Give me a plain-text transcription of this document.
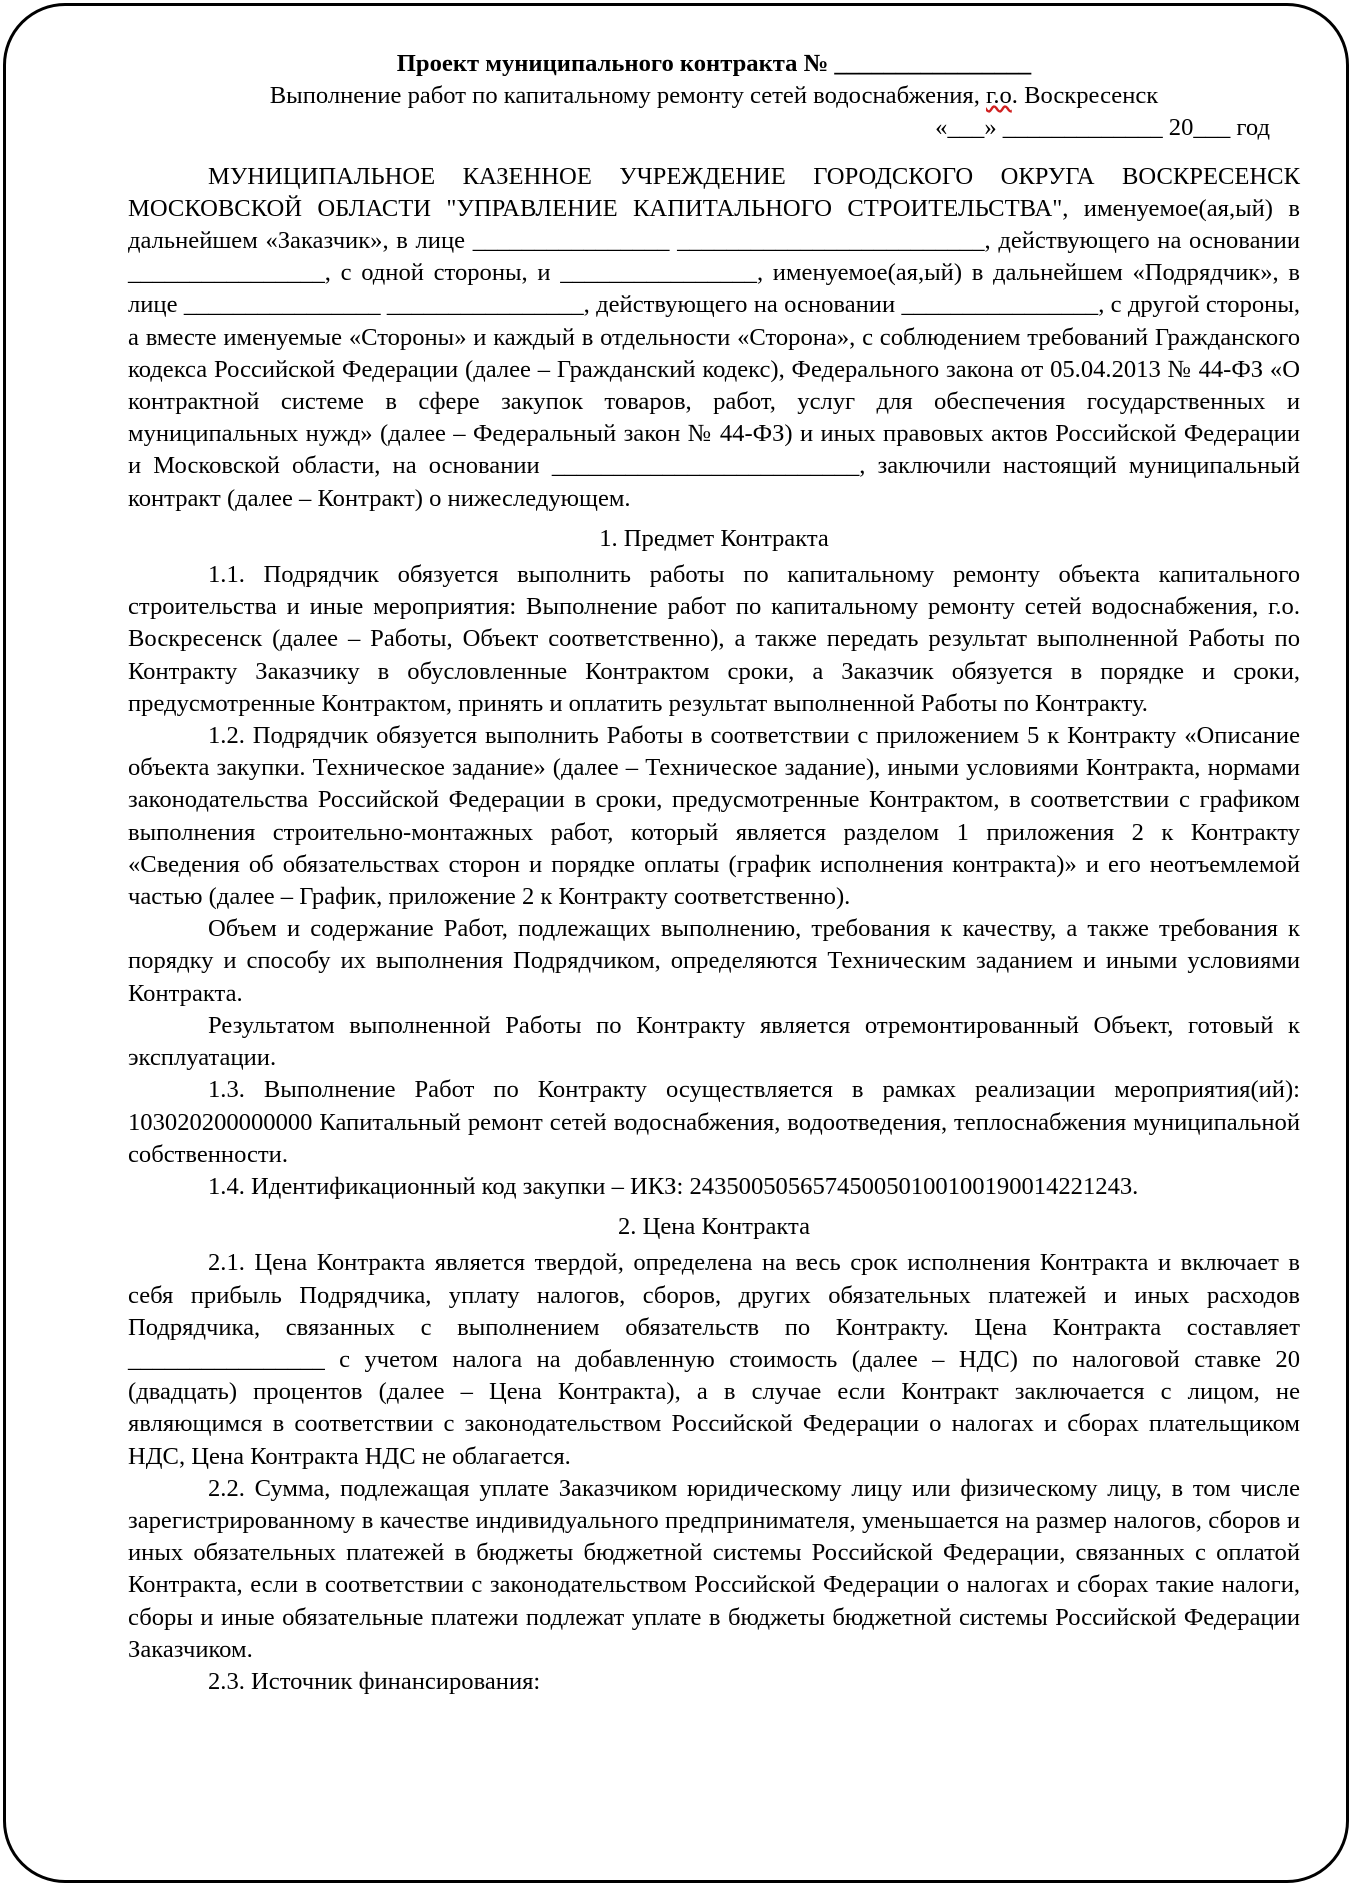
Проект муниципального контракта № ________________
Выполнение работ по капитальному ремонту сетей водоснабжения, г.о. Воскресенск
«___» _____________ 20___ год

МУНИЦИПАЛЬНОЕ КАЗЕННОЕ УЧРЕЖДЕНИЕ ГОРОДСКОГО ОКРУГА ВОСКРЕСЕНСК МОСКОВСКОЙ ОБЛАСТИ "УПРАВЛЕНИЕ КАПИТАЛЬНОГО СТРОИТЕЛЬСТВА", именуемое(ая,ый) в дальнейшем «Заказчик», в лице ________________ _________________________, действующего на основании ________________, с одной стороны, и ________________, именуемое(ая,ый) в дальнейшем «Подрядчик», в лице ________________ ________________, действующего на основании ________________, с другой стороны, а вместе именуемые «Стороны» и каждый в отдельности «Сторона», с соблюдением требований Гражданского кодекса Российской Федерации (далее – Гражданский кодекс), Федерального закона от 05.04.2013 № 44-ФЗ «О контрактной системе в сфере закупок товаров, работ, услуг для обеспечения государственных и муниципальных нужд» (далее – Федеральный закон № 44-ФЗ) и иных правовых актов Российской Федерации и Московской области, на основании _________________________, заключили настоящий муниципальный контракт (далее – Контракт) о нижеследующем.

1. Предмет Контракта

1.1. Подрядчик обязуется выполнить работы по капитальному ремонту объекта капитального строительства и иные мероприятия: Выполнение работ по капитальному ремонту сетей водоснабжения, г.о. Воскресенск (далее – Работы, Объект соответственно), а также передать результат выполненной Работы по Контракту Заказчику в обусловленные Контрактом сроки, а Заказчик обязуется в порядке и сроки, предусмотренные Контрактом, принять и оплатить результат выполненной Работы по Контракту.

1.2. Подрядчик обязуется выполнить Работы в соответствии с приложением 5 к Контракту «Описание объекта закупки. Техническое задание» (далее – Техническое задание), иными условиями Контракта, нормами законодательства Российской Федерации в сроки, предусмотренные Контрактом, в соответствии с графиком выполнения строительно-монтажных работ, который является разделом 1 приложения 2 к Контракту «Сведения об обязательствах сторон и порядке оплаты (график исполнения контракта)» и его неотъемлемой частью (далее – График, приложение 2 к Контракту соответственно).

Объем и содержание Работ, подлежащих выполнению, требования к качеству, а также требования к порядку и способу их выполнения Подрядчиком, определяются Техническим заданием и иными условиями Контракта.

Результатом выполненной Работы по Контракту является отремонтированный Объект, готовый к эксплуатации.

1.3. Выполнение Работ по Контракту осуществляется в рамках реализации мероприятия(ий): 103020200000000 Капитальный ремонт сетей водоснабжения, водоотведения, теплоснабжения муниципальной собственности.

1.4. Идентификационный код закупки – ИКЗ: 243500505657450050100100190014221243.

2. Цена Контракта

2.1. Цена Контракта является твердой, определена на весь срок исполнения Контракта и включает в себя прибыль Подрядчика, уплату налогов, сборов, других обязательных платежей и иных расходов Подрядчика, связанных с выполнением обязательств по Контракту. Цена Контракта составляет ________________ с учетом налога на добавленную стоимость (далее – НДС) по налоговой ставке 20 (двадцать) процентов (далее – Цена Контракта), а в случае если Контракт заключается с лицом, не являющимся в соответствии с законодательством Российской Федерации о налогах и сборах плательщиком НДС, Цена Контракта НДС не облагается.

2.2. Сумма, подлежащая уплате Заказчиком юридическому лицу или физическому лицу, в том числе зарегистрированному в качестве индивидуального предпринимателя, уменьшается на размер налогов, сборов и иных обязательных платежей в бюджеты бюджетной системы Российской Федерации, связанных с оплатой Контракта, если в соответствии с законодательством Российской Федерации о налогах и сборах такие налоги, сборы и иные обязательные платежи подлежат уплате в бюджеты бюджетной системы Российской Федерации Заказчиком.

2.3. Источник финансирования:
